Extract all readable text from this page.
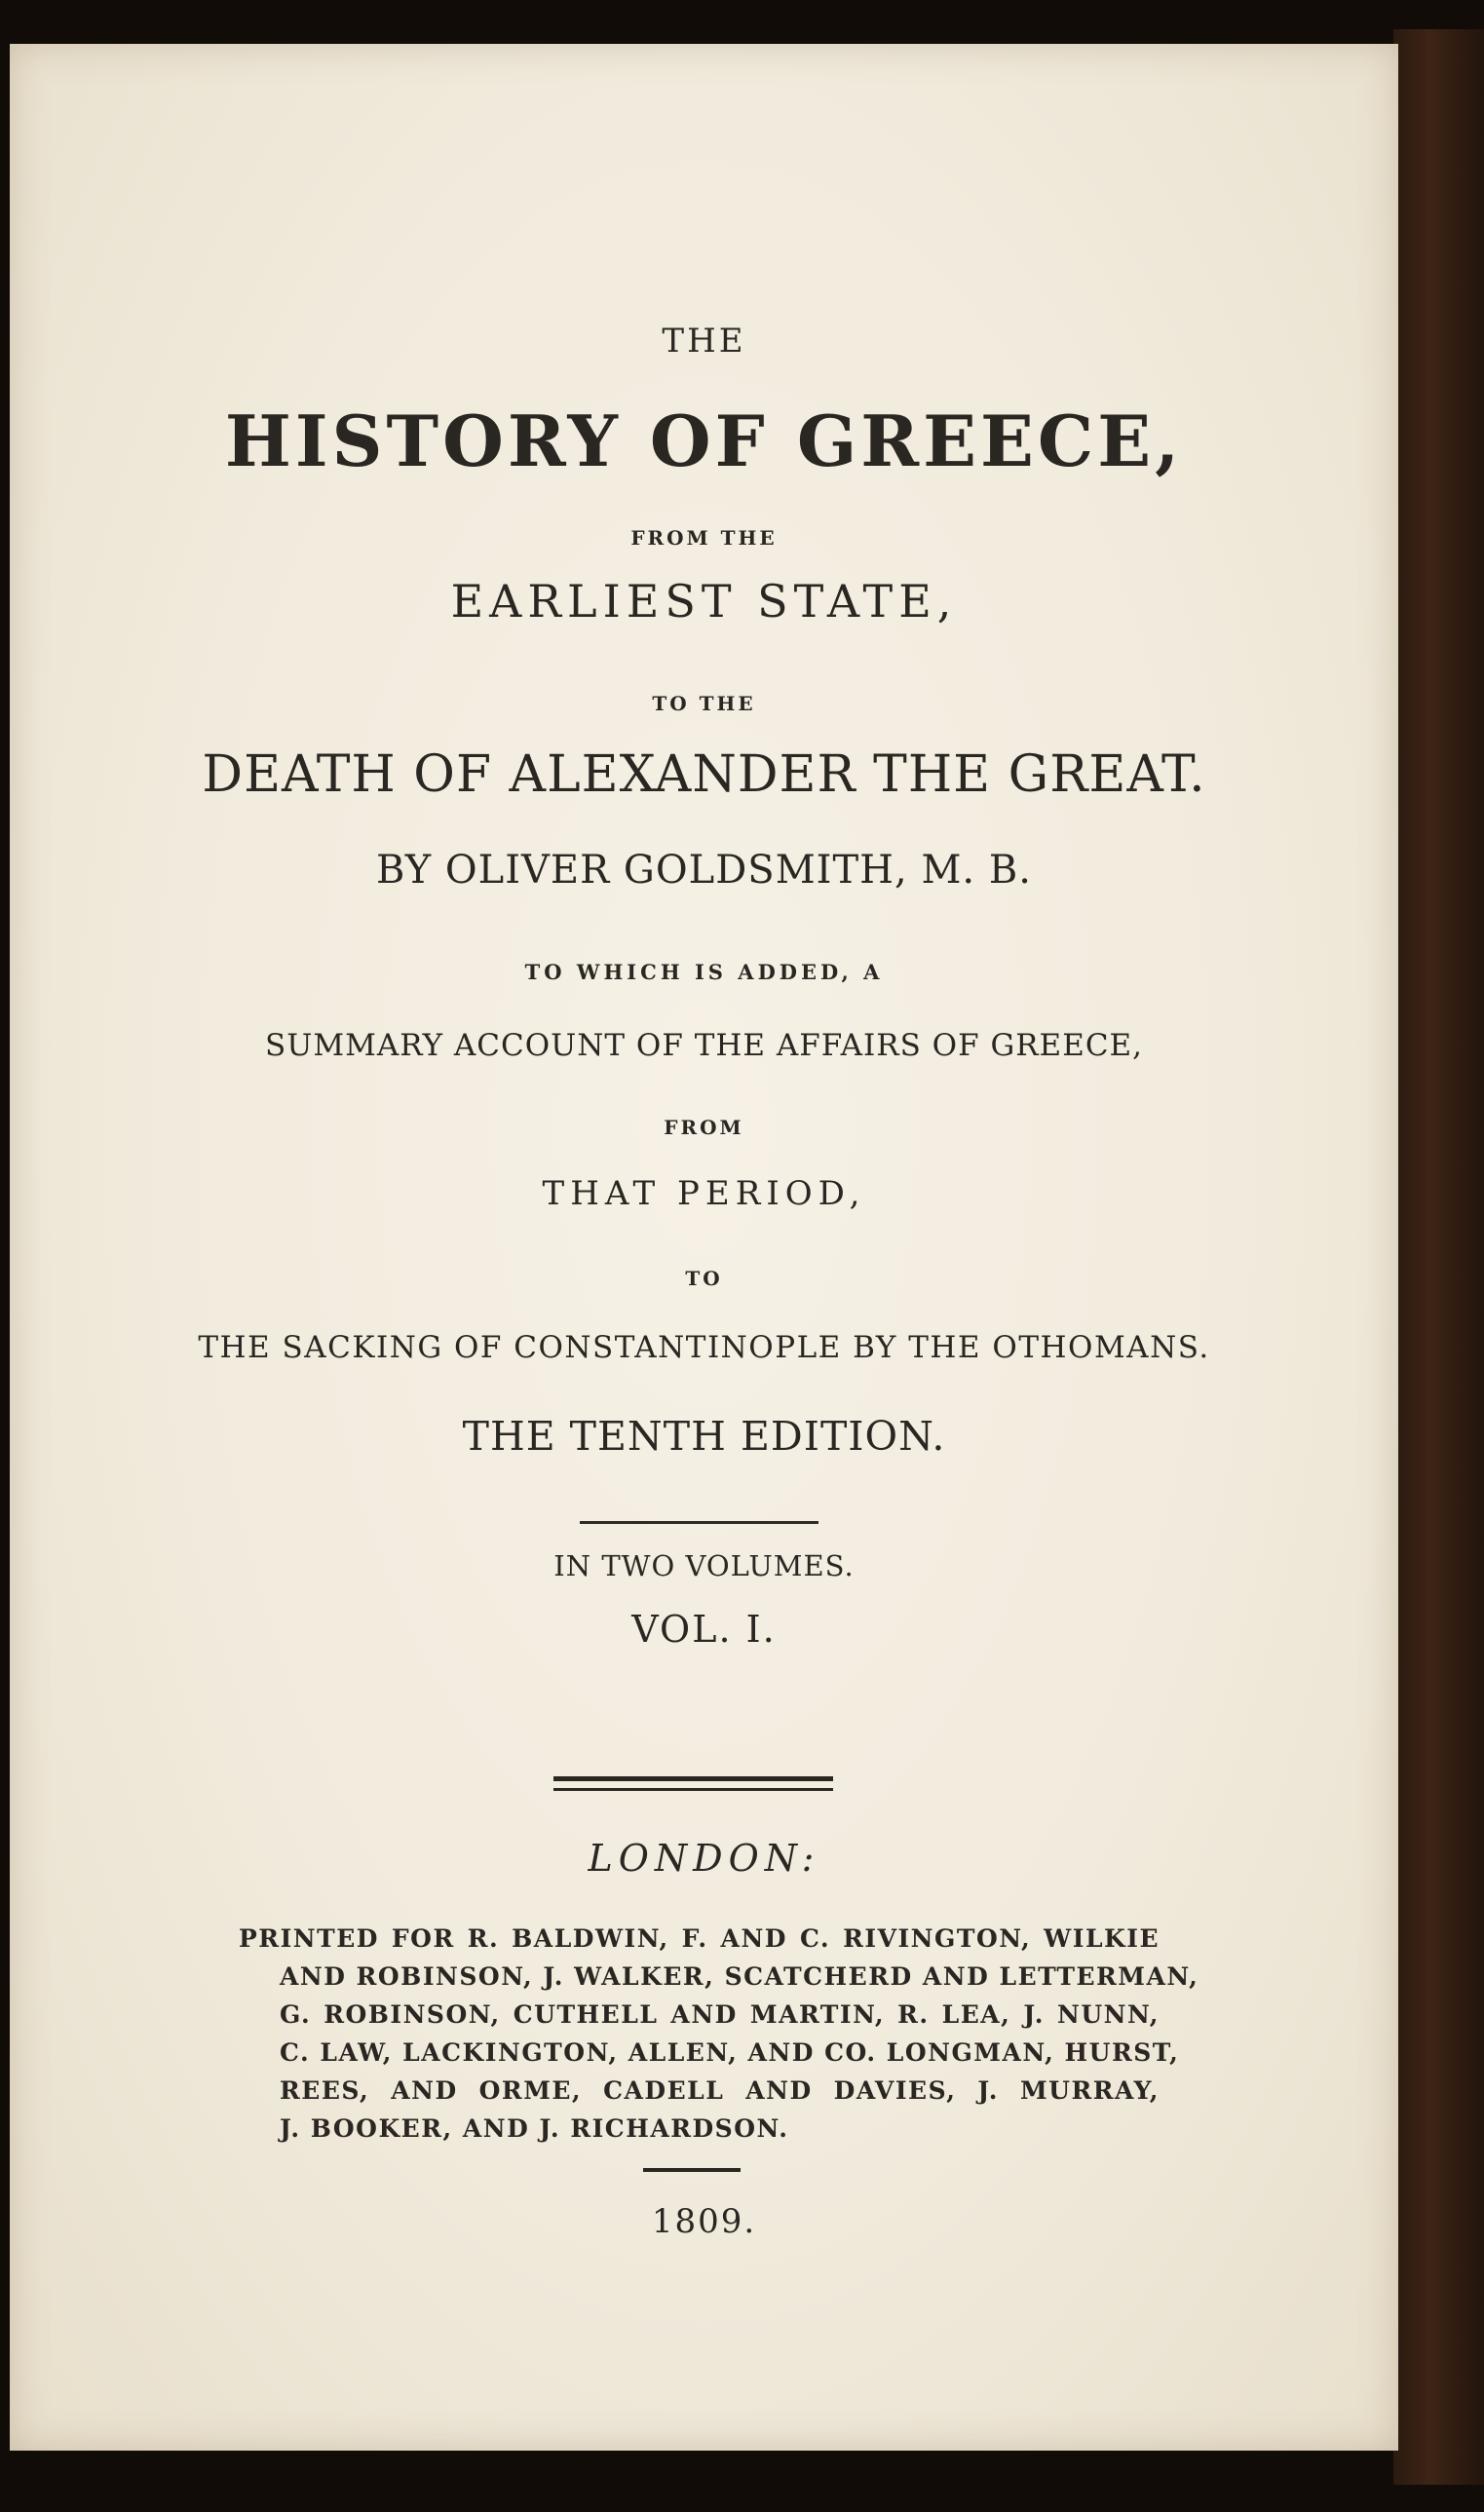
THE
HISTORY OF GREECE,
FROM THE
EARLIEST STATE,
TO THE
DEATH OF ALEXANDER THE GREAT.
BY OLIVER GOLDSMITH, M. B.
TO WHICH IS ADDED, A
SUMMARY ACCOUNT OF THE AFFAIRS OF GREECE,
FROM
THAT PERIOD,
TO
THE SACKING OF CONSTANTINOPLE BY THE OTHOMANS.
THE TENTH EDITION.
IN TWO VOLUMES.
VOL. I.
LONDON:
PRINTED FOR R. BALDWIN, F. AND C. RIVINGTON, WILKIE
AND ROBINSON, J. WALKER, SCATCHERD AND LETTERMAN,
G. ROBINSON, CUTHELL AND MARTIN, R. LEA, J. NUNN,
C. LAW, LACKINGTON, ALLEN, AND CO. LONGMAN, HURST,
REES, AND ORME, CADELL AND DAVIES, J. MURRAY,
J. BOOKER, AND J. RICHARDSON.
1809.
